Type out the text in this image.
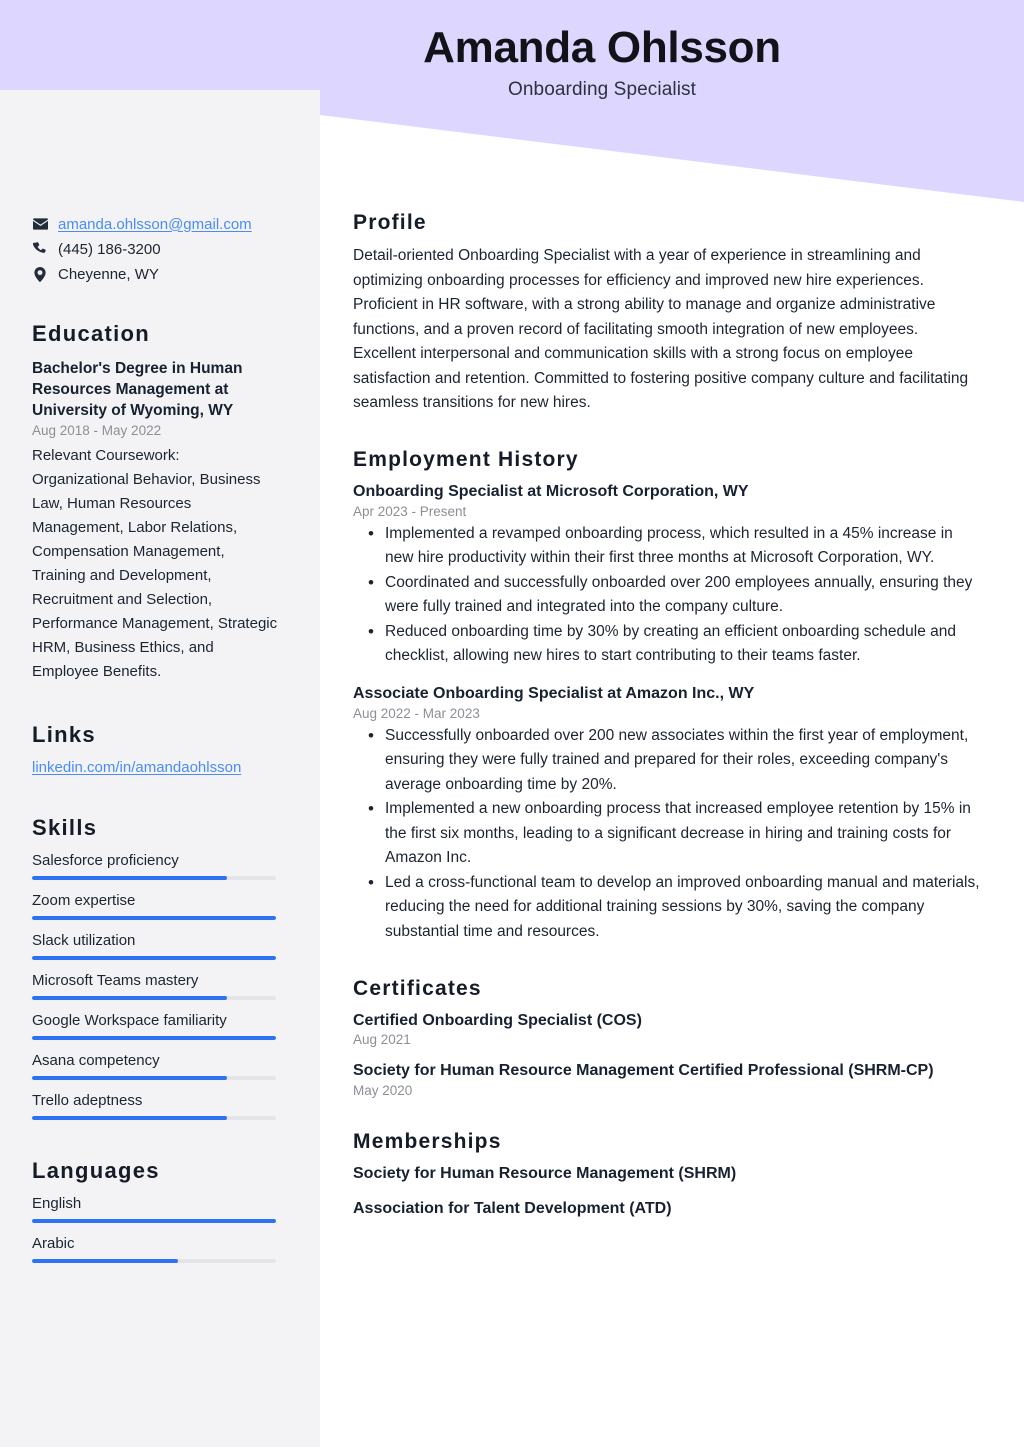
Amanda Ohlsson
Onboarding Specialist
amanda.ohlsson@gmail.com
(445) 186-3200
Cheyenne, WY
Education
Bachelor's Degree in Human Resources Management at University of Wyoming, WY
Aug 2018 - May 2022
Relevant Coursework: Organizational Behavior, Business Law, Human Resources Management, Labor Relations, Compensation Management, Training and Development, Recruitment and Selection, Performance Management, Strategic HRM, Business Ethics, and Employee Benefits.
Links
linkedin.com/in/amandaohlsson
Skills
Salesforce proficiency
Zoom expertise
Slack utilization
Microsoft Teams mastery
Google Workspace familiarity
Asana competency
Trello adeptness
Languages
English
Arabic
Profile

Detail-oriented Onboarding Specialist with a year of experience in streamlining and optimizing onboarding processes for efficiency and improved new hire experiences. Proficient in HR software, with a strong ability to manage and organize administrative functions, and a proven record of facilitating smooth integration of new employees. Excellent interpersonal and communication skills with a strong focus on employee satisfaction and retention. Committed to fostering positive company culture and facilitating seamless transitions for new hires.

Employment History
Onboarding Specialist at Microsoft Corporation, WY
Apr 2023 - Present
• Implemented a revamped onboarding process, which resulted in a 45% increase in new hire productivity within their first three months at Microsoft Corporation, WY.
• Coordinated and successfully onboarded over 200 employees annually, ensuring they were fully trained and integrated into the company culture.
• Reduced onboarding time by 30% by creating an efficient onboarding schedule and checklist, allowing new hires to start contributing to their teams faster.
Associate Onboarding Specialist at Amazon Inc., WY
Aug 2022 - Mar 2023
• Successfully onboarded over 200 new associates within the first year of employment, ensuring they were fully trained and prepared for their roles, exceeding company's average onboarding time by 20%.
• Implemented a new onboarding process that increased employee retention by 15% in the first six months, leading to a significant decrease in hiring and training costs for Amazon Inc.
• Led a cross-functional team to develop an improved onboarding manual and materials, reducing the need for additional training sessions by 30%, saving the company substantial time and resources.
Certificates
Certified Onboarding Specialist (COS)
Aug 2021
Society for Human Resource Management Certified Professional (SHRM-CP)
May 2020
Memberships
Society for Human Resource Management (SHRM)
Association for Talent Development (ATD)
